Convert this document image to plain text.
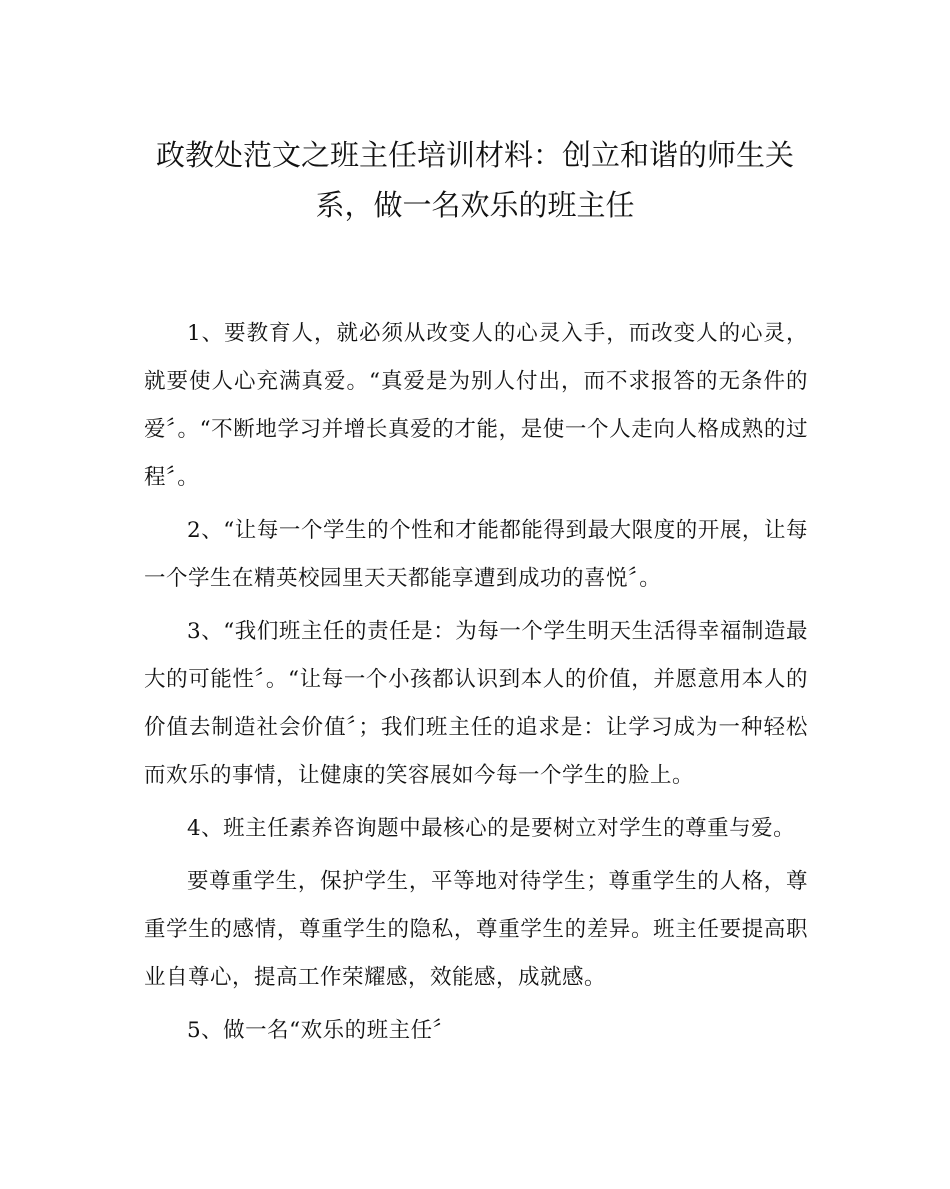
政教处范文之班主任培训材料：创立和谐的师生关
系，做一名欢乐的班主任

1、要教育人，就必须从改变人的心灵入手，而改变人的心灵，就要使人心充满真爱。“真爱是为别人付出，而不求报答的无条件的爱〞。“不断地学习并增长真爱的才能，是使一个人走向人格成熟的过程〞。

2、“让每一个学生的个性和才能都能得到最大限度的开展，让每一个学生在精英校园里天天都能享遭到成功的喜悦〞。

3、“我们班主任的责任是：为每一个学生明天生活得幸福制造最大的可能性〞。“让每一个小孩都认识到本人的价值，并愿意用本人的价值去制造社会价值〞；我们班主任的追求是：让学习成为一种轻松而欢乐的事情，让健康的笑容展如今每一个学生的脸上。

4、班主任素养咨询题中最核心的是要树立对学生的尊重与爱。

要尊重学生，保护学生，平等地对待学生；尊重学生的人格，尊重学生的感情，尊重学生的隐私，尊重学生的差异。班主任要提高职业自尊心，提高工作荣耀感，效能感，成就感。

5、做一名“欢乐的班主任〞
